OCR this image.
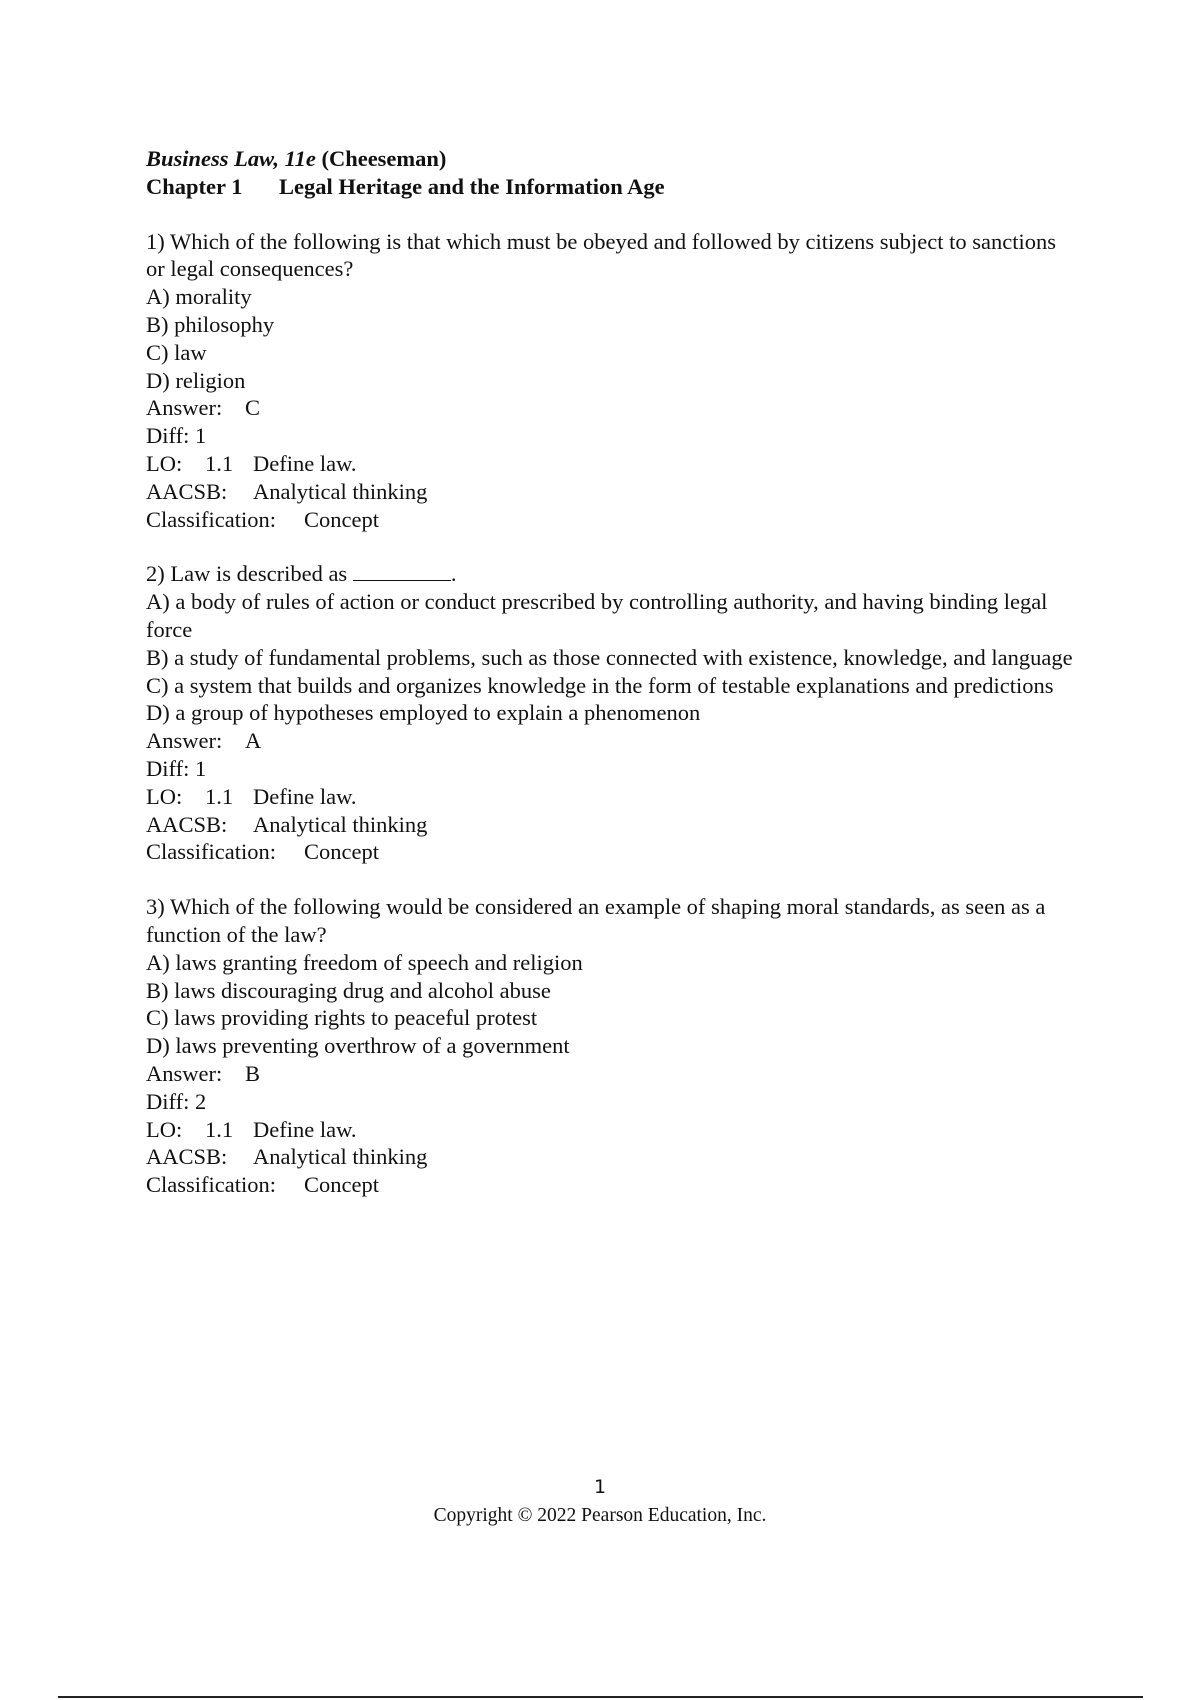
Business Law, 11e (Cheeseman)
Chapter 1 Legal Heritage and the Information Age
1) Which of the following is that which must be obeyed and followed by citizens subject to sanctions or legal consequences?
A) morality
B) philosophy
C) law
D) religion
Answer: C
Diff: 1
LO: 1.1 Define law.
AACSB: Analytical thinking
Classification: Concept
2) Law is described as	.
A) a body of rules of action or conduct prescribed by controlling authority, and having binding legal force
B) a study of fundamental problems, such as those connected with existence, knowledge, and language
C) a system that builds and organizes knowledge in the form of testable explanations and predictions
D) a group of hypotheses employed to explain a phenomenon
Answer: A
Diff: 1
LO: 1.1 Define law.
AACSB: Analytical thinking
Classification: Concept
3) Which of the following would be considered an example of shaping moral standards, as seen as a function of the law?
A) laws granting freedom of speech and religion
B) laws discouraging drug and alcohol abuse
C) laws providing rights to peaceful protest
D) laws preventing overthrow of a government
Answer: B
Diff: 2
LO: 1.1 Define law.
AACSB: Analytical thinking
Classification: Concept
1
Copyright © 2022 Pearson Education, Inc.
